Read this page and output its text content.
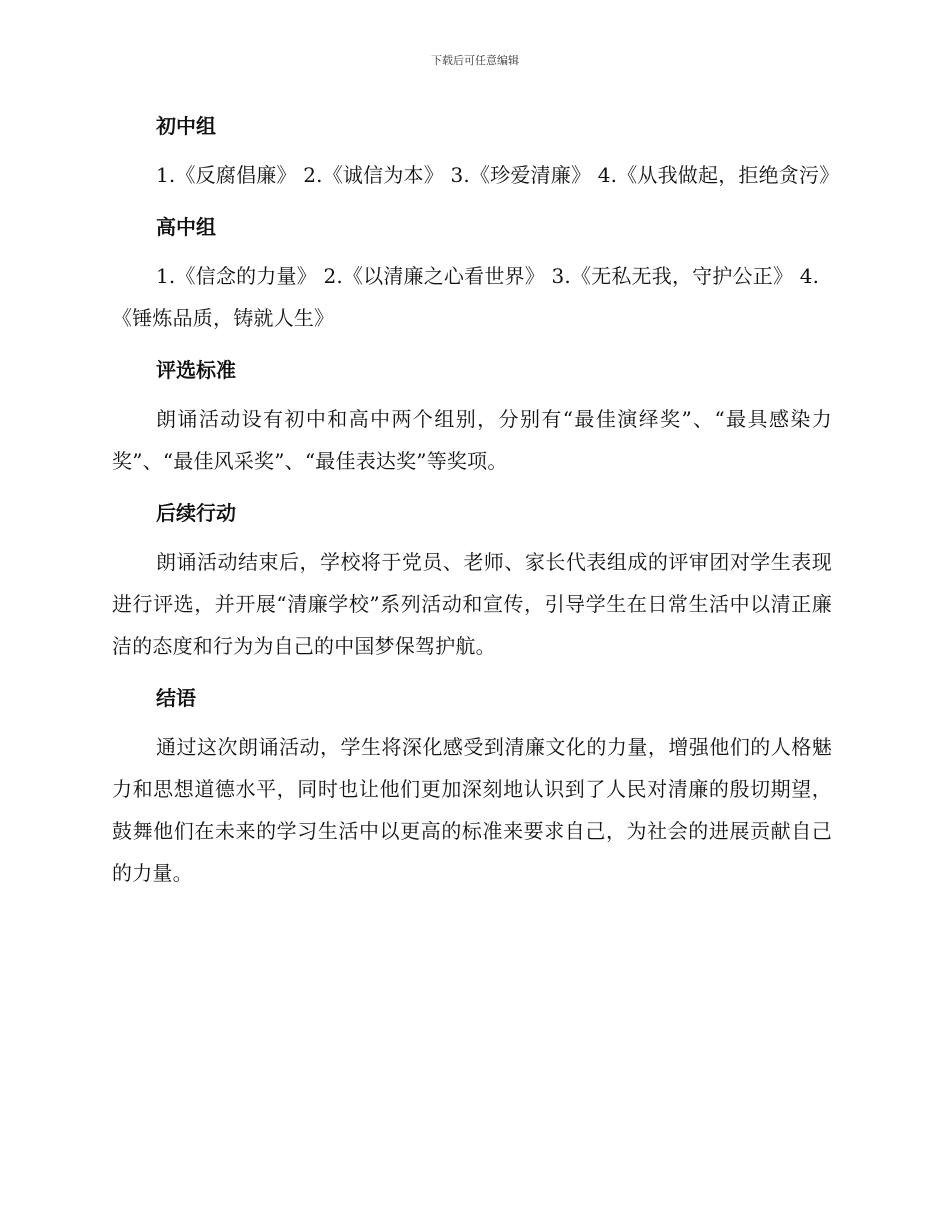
下载后可任意编辑
初中组
1.《反腐倡廉》 2.《诚信为本》 3.《珍爱清廉》 4.《从我做起，拒绝贪污》
高中组
1.《信念的力量》 2.《以清廉之心看世界》 3.《无私无我，守护公正》 4.《锤炼品质，铸就人生》
评选标准
朗诵活动设有初中和高中两个组别，分别有“最佳演绎奖”、“最具感染力奖”、“最佳风采奖”、“最佳表达奖”等奖项。
后续行动
朗诵活动结束后，学校将于党员、老师、家长代表组成的评审团对学生表现进行评选，并开展“清廉学校”系列活动和宣传，引导学生在日常生活中以清正廉洁的态度和行为为自己的中国梦保驾护航。
结语
通过这次朗诵活动，学生将深化感受到清廉文化的力量，增强他们的人格魅力和思想道德水平，同时也让他们更加深刻地认识到了人民对清廉的殷切期望，鼓舞他们在未来的学习生活中以更高的标准来要求自己，为社会的进展贡献自己的力量。
